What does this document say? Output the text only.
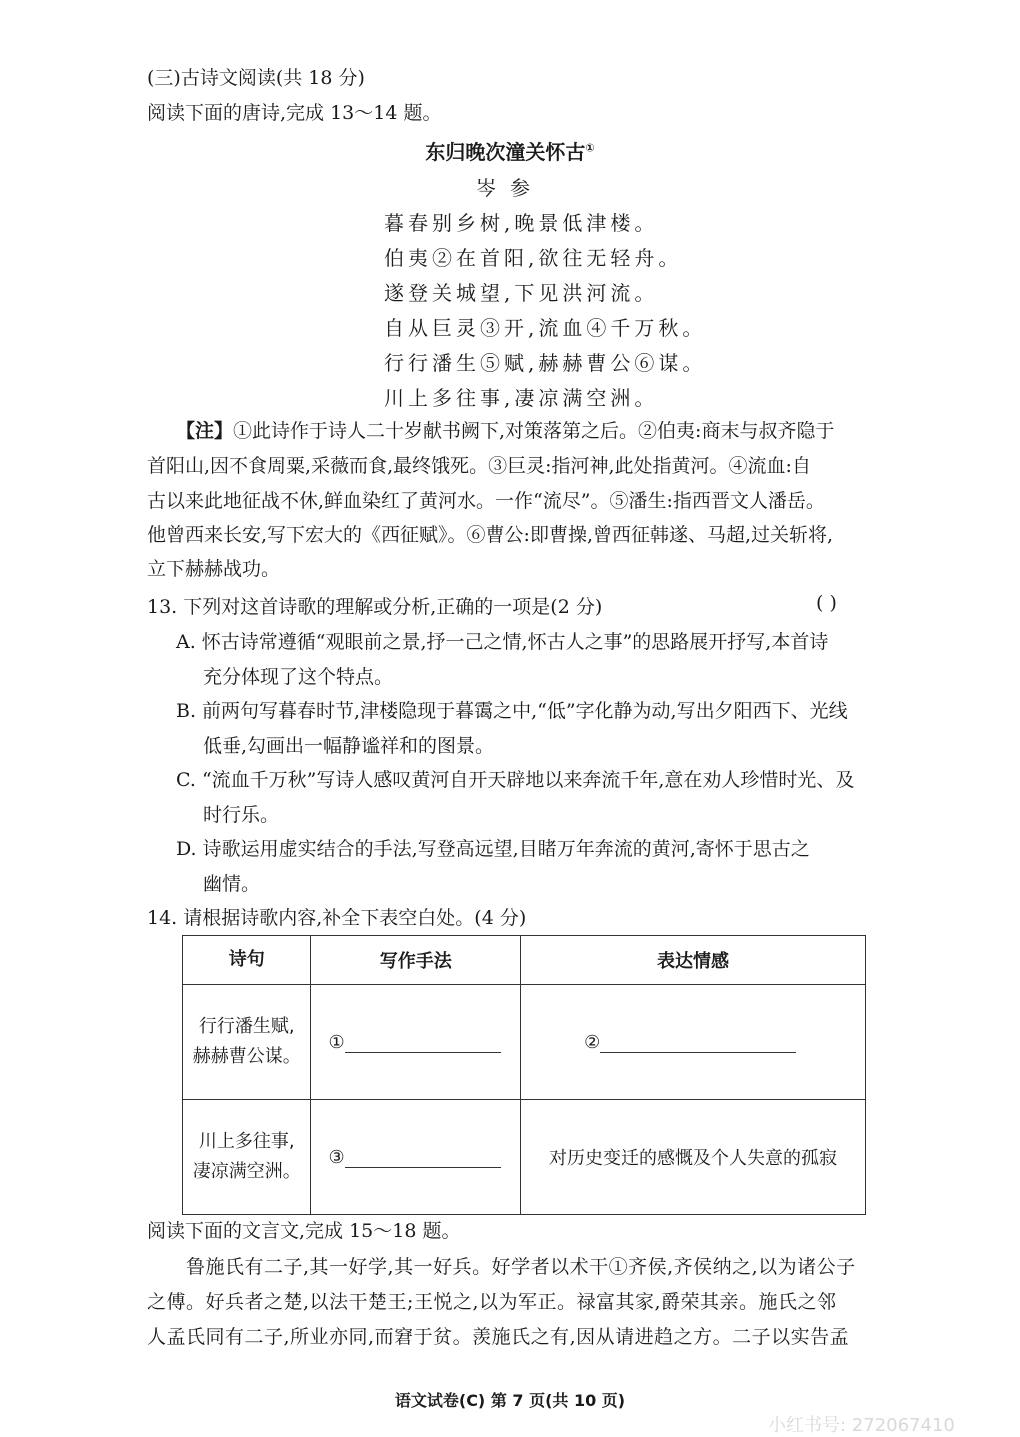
(三)古诗文阅读(共 18 分)
阅读下面的唐诗,完成 13～14 题。
东归晚次潼关怀古①
岑参
暮春别乡树,晚景低津楼。
伯夷②在首阳,欲往无轻舟。
遂登关城望,下见洪河流。
自从巨灵③开,流血④千万秋。
行行潘生⑤赋,赫赫曹公⑥谋。
川上多往事,凄凉满空洲。
【注】①此诗作于诗人二十岁献书阙下,对策落第之后。②伯夷:商末与叔齐隐于
首阳山,因不食周粟,采薇而食,最终饿死。③巨灵:指河神,此处指黄河。④流血:自
古以来此地征战不休,鲜血染红了黄河水。一作“流尽”。⑤潘生:指西晋文人潘岳。
他曾西来长安,写下宏大的《西征赋》。⑥曹公:即曹操,曾西征韩遂、马超,过关斩将,
立下赫赫战功。
13. 下列对这首诗歌的理解或分析,正确的一项是(2 分)	( )
A. 怀古诗常遵循“观眼前之景,抒一己之情,怀古人之事”的思路展开抒写,本首诗
充分体现了这个特点。
B. 前两句写暮春时节,津楼隐现于暮霭之中,“低”字化静为动,写出夕阳西下、光线
低垂,勾画出一幅静谧祥和的图景。
C. “流血千万秋”写诗人感叹黄河自开天辟地以来奔流千年,意在劝人珍惜时光、及
时行乐。
D. 诗歌运用虚实结合的手法,写登高远望,目睹万年奔流的黄河,寄怀于思古之
幽情。
14. 请根据诗歌内容,补全下表空白处。(4 分)
诗句	写作手法	表达情感
行行潘生赋,
赫赫曹公谋。	①	②
川上多往事,
凄凉满空洲。	③	对历史变迁的感慨及个人失意的孤寂
阅读下面的文言文,完成 15～18 题。
鲁施氏有二子,其一好学,其一好兵。好学者以术干①齐侯,齐侯纳之,以为诸公子
之傅。好兵者之楚,以法干楚王;王悦之,以为军正。禄富其家,爵荣其亲。施氏之邻
人孟氏同有二子,所业亦同,而窘于贫。羡施氏之有,因从请进趋之方。二子以实告孟
语文试卷(C) 第 7 页(共 10 页)
小红书号: 272067410
